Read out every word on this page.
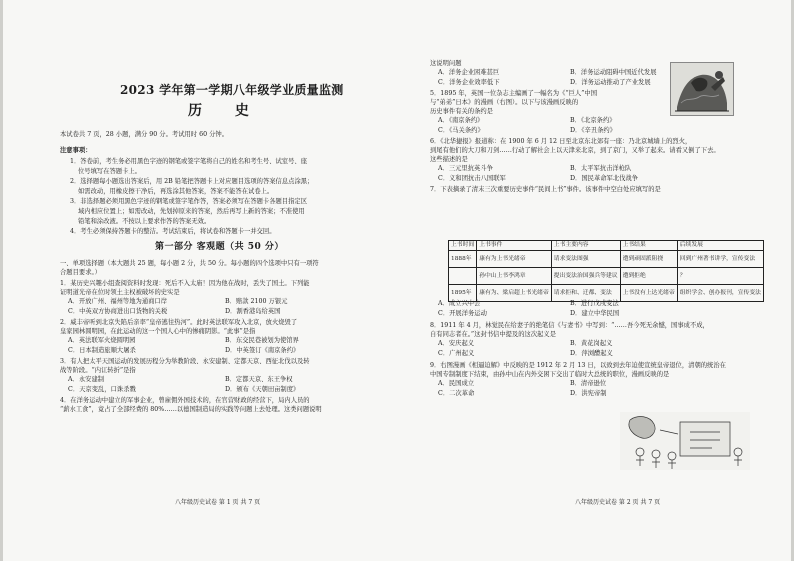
2023 学年第一学期八年级学业质量监测
历 史
本试卷共 7 页，28 小题，满分 90 分。考试用时 60 分钟。
注意事项：
1．答卷前，考生务必用黑色字迹的钢笔或签字笔将自己的姓名和考生号、试室号、座
位号填写在答题卡上。
2．选择题每小题选出答案后，用 2B 铅笔把答题卡上对应题目选项的答案信息点涂黑；
如需改动，用橡皮擦干净后，再选涂其他答案，答案不能答在试卷上。
3．非选择题必须用黑色字迹的钢笔或签字笔作答，答案必须写在答题卡各题目指定区
域内相应位置上；如需改动，先划掉原来的答案，然后再写上新的答案；不准使用
铅笔和涂改液。不按以上要求作答的答案无效。
4．考生必须保持答题卡的整洁。考试结束后，将试卷和答题卡一并交回。
第一部分 客观题（共 50 分）
一、单项选择题（本大题共 25 题，每小题 2 分，共 50 分。每小题的四个选项中只有一项符
合题目要求。）
1．某历史兴趣小组查阅资料时发现：死后不入太庙！因为他在战时，丢失了国土。下列能
证明道光帝在位时领土主权被破坏的史实是
A．开放广州、福州等地为通商口岸	B．赔款 2100 万银元
C．中英双方协商进出口货物的关税	D．割香港岛给英国
2．威丰帝听到北京失陷后亲率“皇帝逃往热河”。此时英法联军攻入北京，放火烧毁了
皇家园林圆明园，在此运动的这一个国人心中的惨痛阴影。“此事”是指
A．英法联军火烧圆明园	B．东交民巷被划为使馆界
C．日本制造旅顺大屠杀	D．中英签订《南京条约》
3．有人把太平天国运动的发展历程分为举教阶段、永安建制、定都天京、西征北伐以及转
战等阶段。“内讧转折”是指
A．永安建制	B．定都天京、东王争权
C．天京变乱，口诛杀戮	D．颁布《天朝田亩制度》
4．在洋务运动中建立的军事企业，曾雇佣外国技术的，在官营财政的经营下，局内人员的
“薪水工食”，竟占了全部经费的 80%……以德国制造局的实践等问题上去处理。这类问题说明
这说明问题
A．洋务企业困难甚巨	B．洋务运动阻碍中国近代发展
C．洋务企业效率低下	D．洋务运动推动了产业发展
5．1895 年，英国一位杂志主编画了一幅名为《“巨人”中国
与“弟弟”日本》的漫画（右图）。以下与该漫画反映的
历史事件有关的条约是
A．《南京条约》	B．《北京条约》
C．《马关条约》	D．《辛丑条约》
6．《北华捷报》报道称：在 1900 年 6 月 12 日至北京东北郊有一座：乃北京城墙上的烈火，
到尾有他们的大刀和刀剑……行动了解社会上以天津来北京，到了京门，又举了起来。请看又倒了下去。
这些描述的是
A．三元里抗英斗争	B．太平军抗击洋枪队
C．义和团抗击八国联军	D．国民革命军北伐战争
7．下表摘录了清末三次重要历史事件“民间上书”事件。该事件中空白处应填写的是
上书时间	上书事件	上书主要内容	上书结果	后续发展
1888年	康有为上书光绪帝	请求变法图强	遭到顽固派阻挠	回到广州著书讲学，宣传变法
	孙中山上书李鸿章	提出变法治国强兵等建议	遭到拒绝	？
1895年	康有为、梁启超上书光绪帝	请求拒和、迁都、变法	上书没有上达光绪帝	组织学会、创办报刊，宣传变法
A．成立兴中会	B．进行戊戌变法
C．开展洋务运动	D．建立中华民国
8．1911 年 4 月，林觉民在给妻子的绝笔信《与妻书》中写到：“……吾今死无余憾，国事成不成，
自有同志者在。”这封书信中提及的这次起义是
A．安庆起义	B．黄花岗起义
C．广州起义	D．萍浏醴起义
9．右图漫画《相逼迫解》中反映的是 1912 年 2 月 13 日，以致到去年迫使宣统皇帝退位，清朝的统治在
中国专制制度下结束，由孙中山在内外交困下交出了临时大总统的职位，漫画反映的是
A．民国成立	B．清帝逊位
C．二次革命	D．洪宪帝制
八年级历史试卷 第 1 页 共 7 页	八年级历史试卷 第 2 页 共 7 页
